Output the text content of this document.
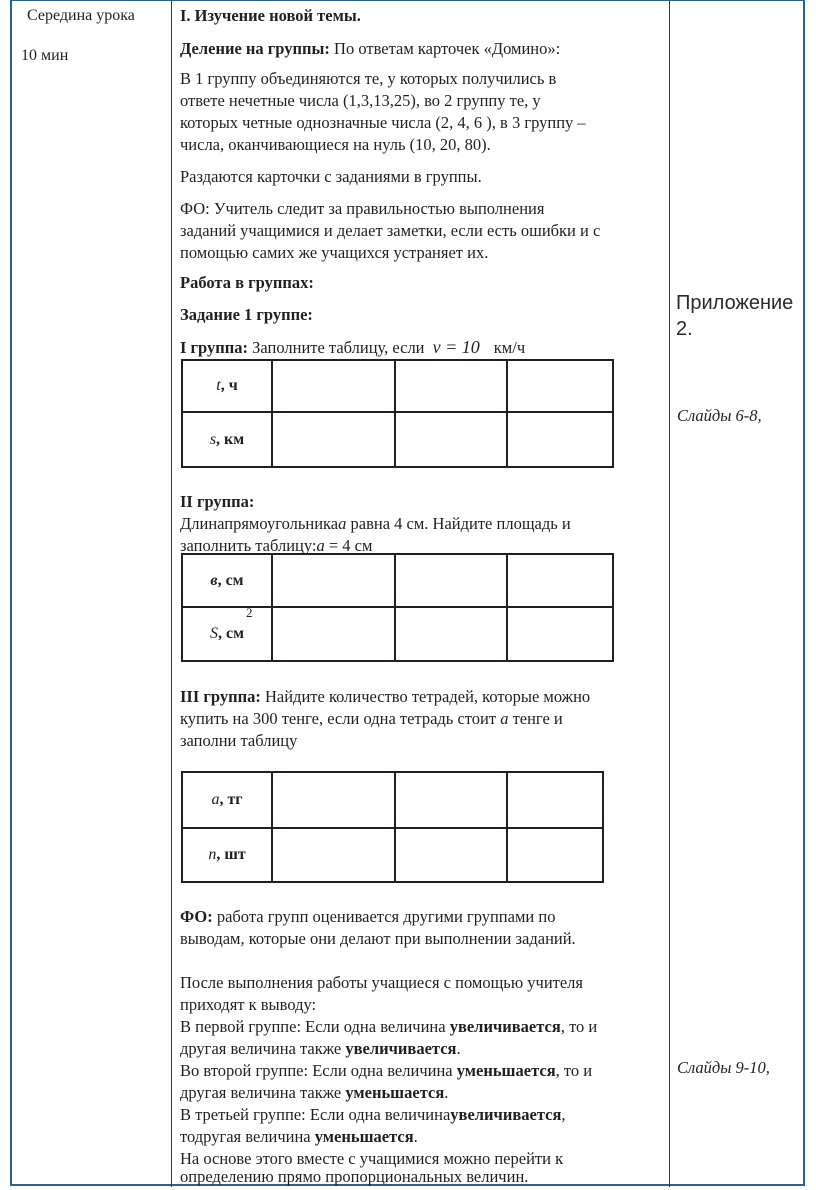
Середина урока
10 мин
I. Изучение новой темы.
Деление на группы: По ответам карточек «Домино»:
В 1 группу объединяются те, у которых получились в
ответе нечетные числа (1,3,13,25), во 2 группу те, у
которых четные однозначные числа (2, 4, 6 ), в 3 группу –
числа, оканчивающиеся на нуль (10, 20, 80).
Раздаются карточки с заданиями в группы.
ФО: Учитель следит за правильностью выполнения
заданий учащимися и делает заметки, если есть ошибки и с
помощью самих же учащихся устраняет их.
Работа в группах:
Задание 1 группе:
I группа: Заполните таблицу, если v = 10 км/ч
t, ч			
s, км			
II группа:
Длинапрямоугольникаа равна 4 см. Найдите площадь и
заполнить таблицу:а = 4 см
в, см			
S, см
2			

III группа: Найдите количество тетрадей, которые можно
купить на 300 тенге, если одна тетрадь стоит а тенге и
заполни таблицу
a, тг			
n, шт			
ФО: работа групп оценивается другими группами по
выводам, которые они делают при выполнении заданий.
После выполнения работы учащиеся с помощью учителя
приходят к выводу:
В первой группе: Если одна величина увеличивается, то и
другая величина также увеличивается.
Во второй группе: Если одна величина уменьшается, то и
другая величина также уменьшается.
В третьей группе: Если одна величинаувеличивается,
тодругая величина уменьшается.
На основе этого вместе с учащимися можно перейти к
определению прямо пропорциональных величин.
Приложение
2.
Слайды 6-8,
Слайды 9-10,
